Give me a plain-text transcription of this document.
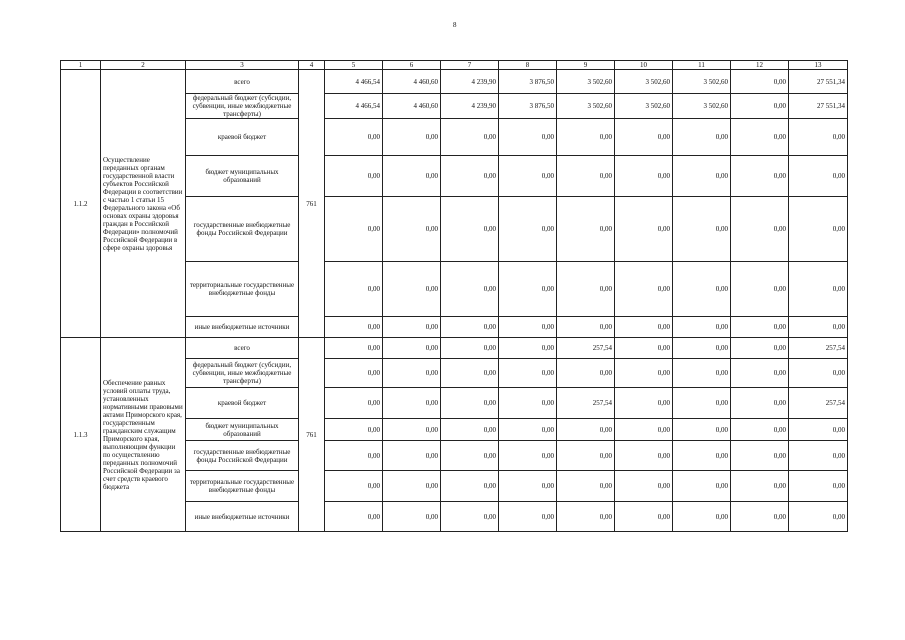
8
1	2	3	4	5	6	7	8	9	10	11	12	13
1.1.2	Осуществление переданных органам государственной власти субъектов Российской Федерации в соответствии с частью 1 статьи 15 Федерального закона «Об основах охраны здоровья граждан в Российской Федерации» полномочий Российской Федерации в сфере охраны здоровья	всего	761	4 466,54	4 460,60	4 239,90	3 876,50	3 502,60	3 502,60	3 502,60	0,00	27 551,34
		федеральный бюджет (субсидии, субвенции, иные межбюджетные трансферты)		4 466,54	4 460,60	4 239,90	3 876,50	3 502,60	3 502,60	3 502,60	0,00	27 551,34
		краевой бюджет		0,00	0,00	0,00	0,00	0,00	0,00	0,00	0,00	0,00
		бюджет муниципальных образований		0,00	0,00	0,00	0,00	0,00	0,00	0,00	0,00	0,00
		государственные внебюджетные фонды Российской Федерации		0,00	0,00	0,00	0,00	0,00	0,00	0,00	0,00	0,00
		территориальные государственные внебюджетные фонды		0,00	0,00	0,00	0,00	0,00	0,00	0,00	0,00	0,00
		иные внебюджетные источники		0,00	0,00	0,00	0,00	0,00	0,00	0,00	0,00	0,00
1.1.3	Обеспечение равных условий оплаты труда, установленных нормативными правовыми актами Приморского края, государственным гражданским служащим Приморского края, выполняющим функции по осуществлению переданных полномочий Российской Федерации за счет средств краевого бюджета	всего	761	0,00	0,00	0,00	0,00	257,54	0,00	0,00	0,00	257,54
		федеральный бюджет (субсидии, субвенции, иные межбюджетные трансферты)		0,00	0,00	0,00	0,00	0,00	0,00	0,00	0,00	0,00
		краевой бюджет		0,00	0,00	0,00	0,00	257,54	0,00	0,00	0,00	257,54
		бюджет муниципальных образований		0,00	0,00	0,00	0,00	0,00	0,00	0,00	0,00	0,00
		государственные внебюджетные фонды Российской Федерации		0,00	0,00	0,00	0,00	0,00	0,00	0,00	0,00	0,00
		территориальные государственные внебюджетные фонды		0,00	0,00	0,00	0,00	0,00	0,00	0,00	0,00	0,00
		иные внебюджетные источники		0,00	0,00	0,00	0,00	0,00	0,00	0,00	0,00	0,00
